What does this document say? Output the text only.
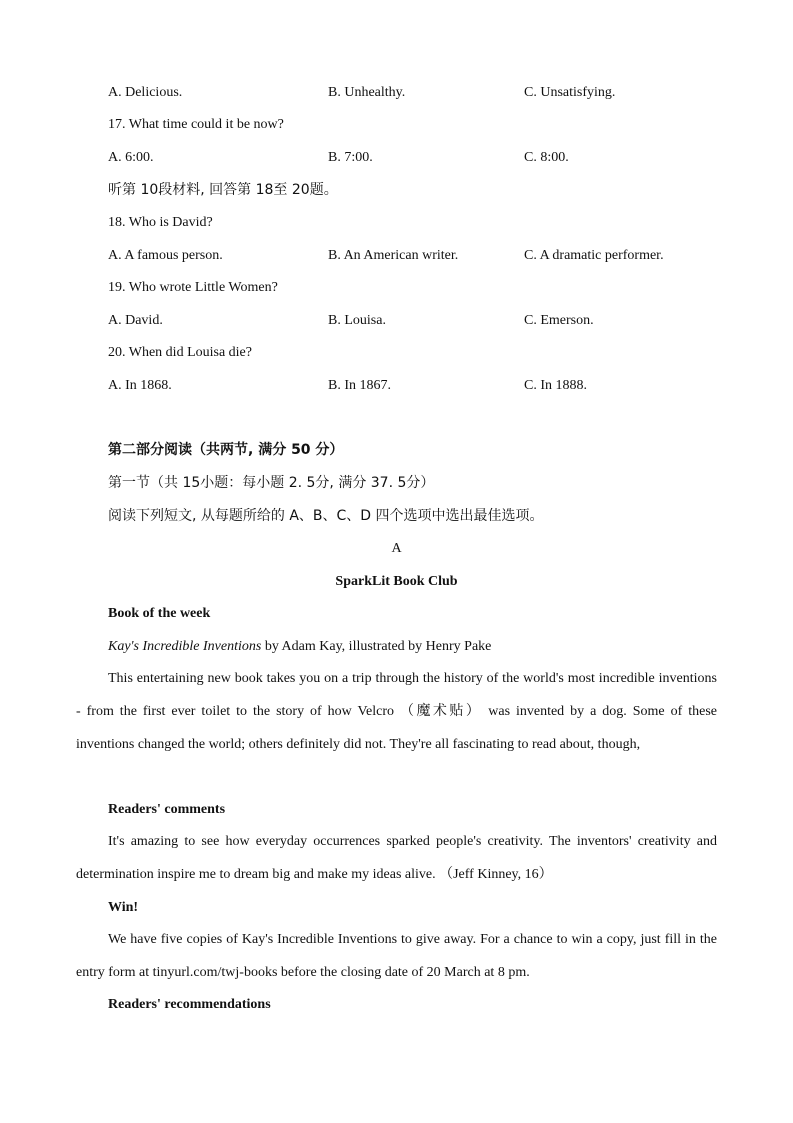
A. Delicious.	B. Unhealthy.	C. Unsatisfying.
17. What time could it be now?
A. 6:00.	B. 7:00.	C. 8:00.
听第 10段材料, 回答第 18至 20题。
18. Who is David?
A. A famous person.	B. An American writer.	C. A dramatic performer.
19. Who wrote Little Women?
A. David.	B. Louisa.	C. Emerson.
20. When did Louisa die?
A. In 1868.	B. In 1867.	C. In 1888.
第二部分阅读（共两节, 满分 50 分）
第一节（共 15小题：每小题 2. 5分, 满分 37. 5分）
阅读下列短文, 从每题所给的 A、B、C、D 四个选项中选出最佳选项。
A
SparkLit Book Club
Book of the week
Kay's Incredible Inventions by Adam Kay, illustrated by Henry Pake
This entertaining new book takes you on a trip through the history of the world's most incredible inventions - from the first ever toilet to the story of how Velcro （魔术贴） was invented by a dog. Some of these inventions changed the world; others definitely did not. They're all fascinating to read about, though,
Readers' comments
It's amazing to see how everyday occurrences sparked people's creativity. The inventors' creativity and determination inspire me to dream big and make my ideas alive. （Jeff Kinney, 16）
Win!
We have five copies of Kay's Incredible Inventions to give away. For a chance to win a copy, just fill in the entry form at tinyurl.com/twj-books before the closing date of 20 March at 8 pm.
Readers' recommendations
